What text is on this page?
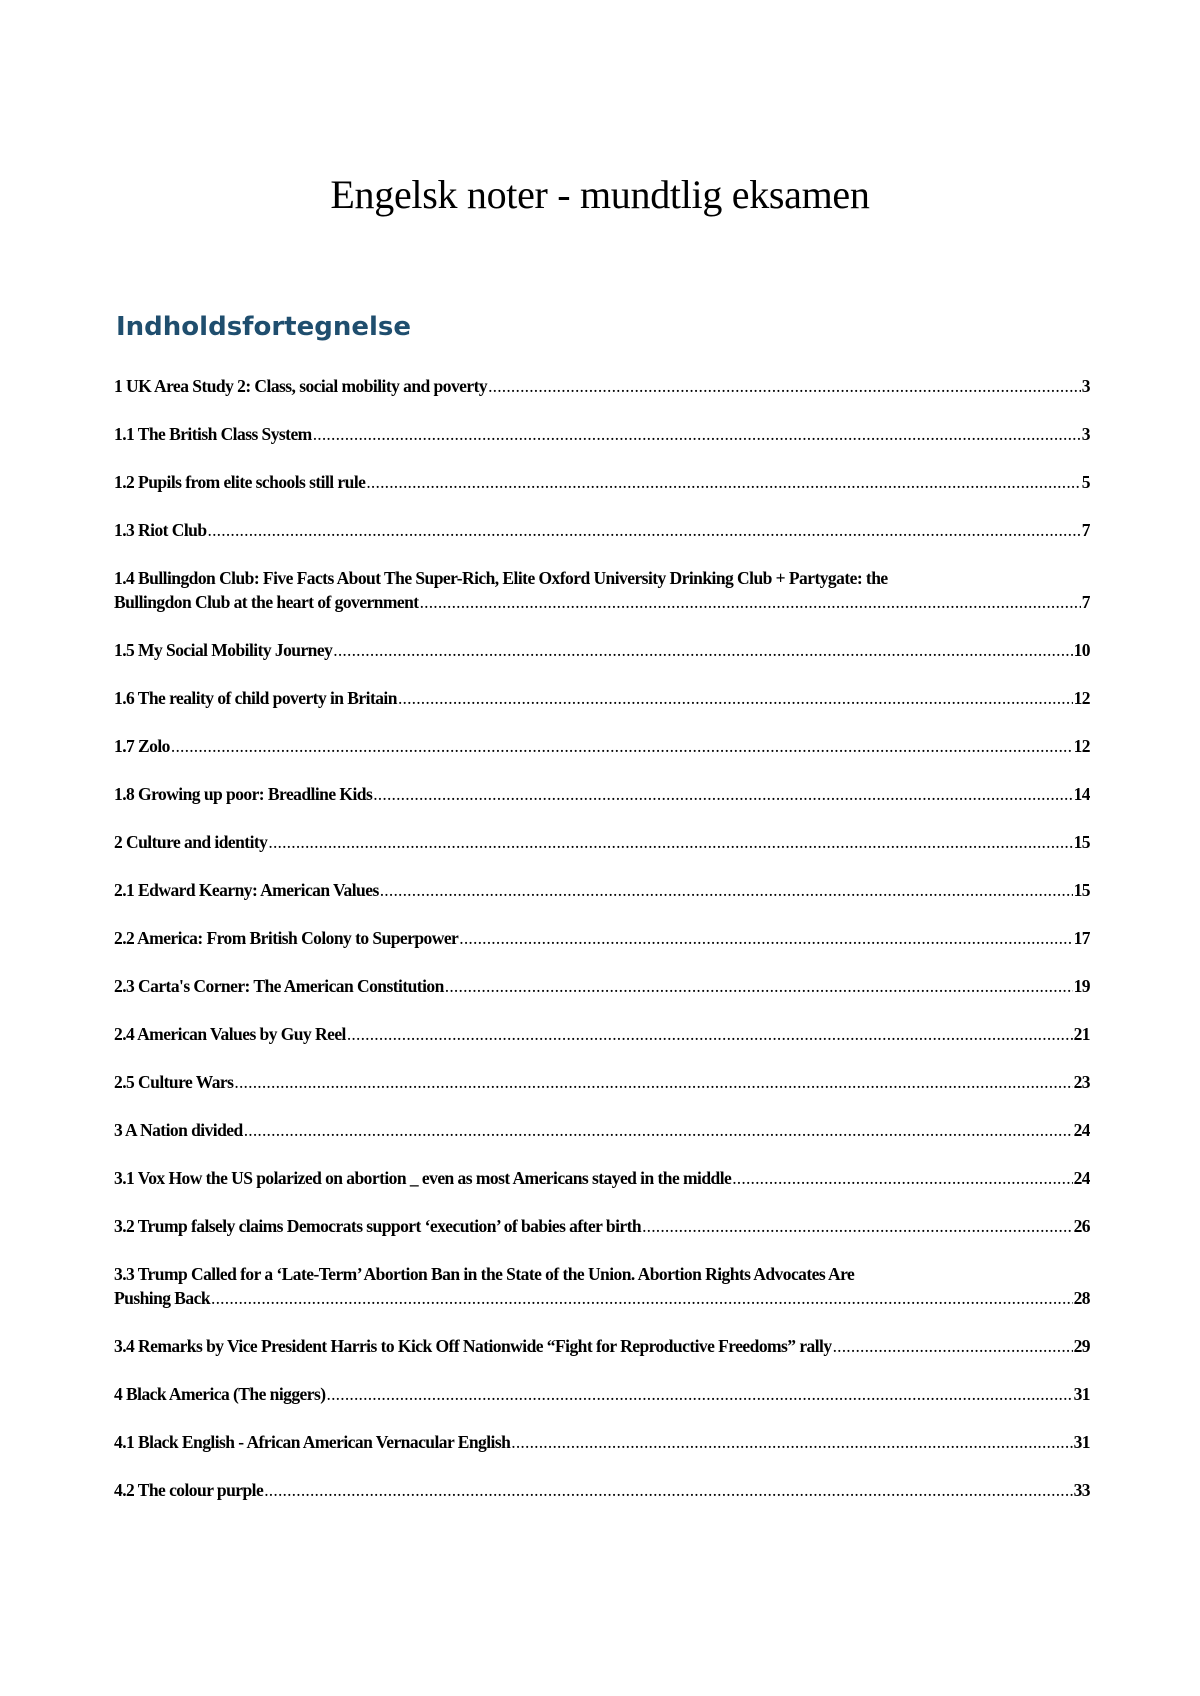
Engelsk noter - mundtlig eksamen
Indholdsfortegnelse
1 UK Area Study 2: Class, social mobility and poverty .....	3
1.1 The British Class System .....	3
1.2 Pupils from elite schools still rule .....	5
1.3 Riot Club .....	7
1.4 Bullingdon Club: Five Facts About The Super-Rich, Elite Oxford University Drinking Club + Partygate: the
Bullingdon Club at the heart of government .....	7
1.5 My Social Mobility Journey .....	10
1.6 The reality of child poverty in Britain .....	12
1.7 Zolo .....	12
1.8 Growing up poor: Breadline Kids .....	14
2 Culture and identity .....	15
2.1 Edward Kearny: American Values .....	15
2.2 America: From British Colony to Superpower .....	17
2.3 Carta's Corner: The American Constitution .....	19
2.4 American Values by Guy Reel .....	21
2.5 Culture Wars .....	23
3 A Nation divided .....	24
3.1 Vox How the US polarized on abortion _ even as most Americans stayed in the middle .....	24
3.2 Trump falsely claims Democrats support ‘execution’ of babies after birth .....	26
3.3 Trump Called for a ‘Late-Term’ Abortion Ban in the State of the Union. Abortion Rights Advocates Are
Pushing Back .....	28
3.4 Remarks by Vice President Harris to Kick Off Nationwide “Fight for Reproductive Freedoms” rally .....	29
4 Black America (The niggers) .....	31
4.1 Black English - African American Vernacular English .....	31
4.2 The colour purple .....	33
